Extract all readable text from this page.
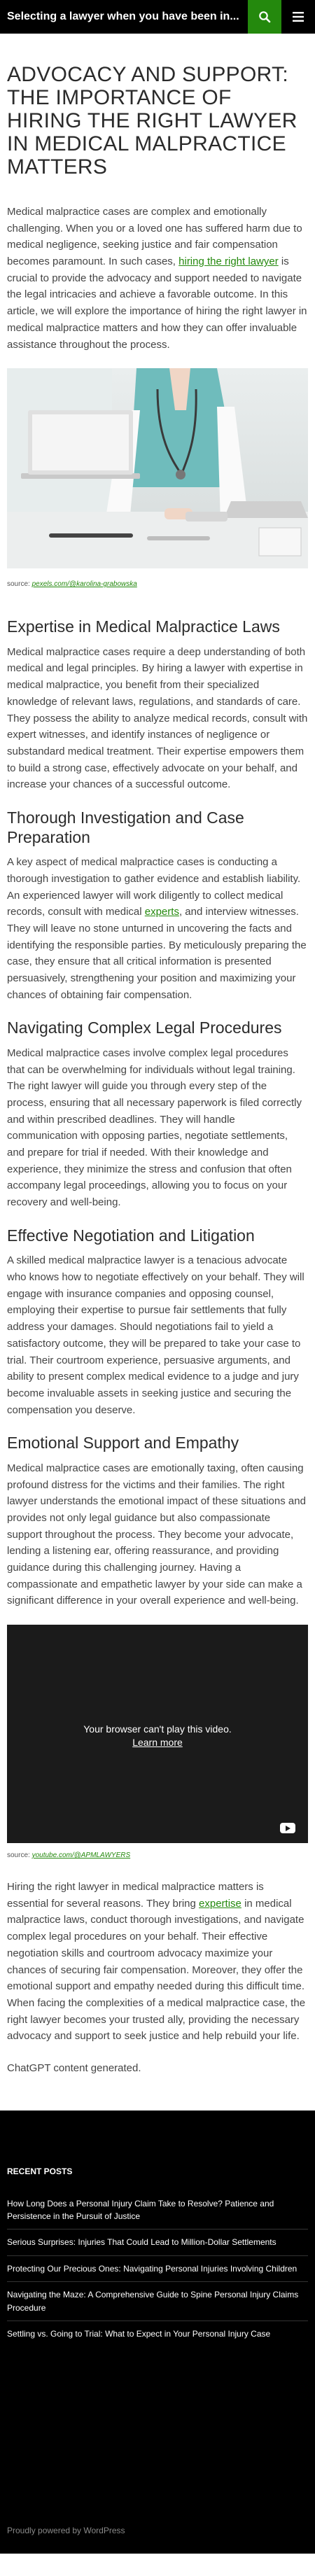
Selecting a lawyer when you have been in...
ADVOCACY AND SUPPORT: THE IMPORTANCE OF HIRING THE RIGHT LAWYER IN MEDICAL MALPRACTICE MATTERS

Medical malpractice cases are complex and emotionally challenging. When you or a loved one has suffered harm due to medical negligence, seeking justice and fair compensation becomes paramount. In such cases, hiring the right lawyer is crucial to provide the advocacy and support needed to navigate the legal intricacies and achieve a favorable outcome. In this article, we will explore the importance of hiring the right lawyer in medical malpractice matters and how they can offer invaluable assistance throughout the process.

source: pexels.com/@karolina-grabowska
Expertise in Medical Malpractice Laws

Medical malpractice cases require a deep understanding of both medical and legal principles. By hiring a lawyer with expertise in medical malpractice, you benefit from their specialized knowledge of relevant laws, regulations, and standards of care. They possess the ability to analyze medical records, consult with expert witnesses, and identify instances of negligence or substandard medical treatment. Their expertise empowers them to build a strong case, effectively advocate on your behalf, and increase your chances of a successful outcome.

Thorough Investigation and Case Preparation

A key aspect of medical malpractice cases is conducting a thorough investigation to gather evidence and establish liability. An experienced lawyer will work diligently to collect medical records, consult with medical experts, and interview witnesses. They will leave no stone unturned in uncovering the facts and identifying the responsible parties. By meticulously preparing the case, they ensure that all critical information is presented persuasively, strengthening your position and maximizing your chances of obtaining fair compensation.

Navigating Complex Legal Procedures

Medical malpractice cases involve complex legal procedures that can be overwhelming for individuals without legal training. The right lawyer will guide you through every step of the process, ensuring that all necessary paperwork is filed correctly and within prescribed deadlines. They will handle communication with opposing parties, negotiate settlements, and prepare for trial if needed. With their knowledge and experience, they minimize the stress and confusion that often accompany legal proceedings, allowing you to focus on your recovery and well-being.

Effective Negotiation and Litigation

A skilled medical malpractice lawyer is a tenacious advocate who knows how to negotiate effectively on your behalf. They will engage with insurance companies and opposing counsel, employing their expertise to pursue fair settlements that fully address your damages. Should negotiations fail to yield a satisfactory outcome, they will be prepared to take your case to trial. Their courtroom experience, persuasive arguments, and ability to present complex medical evidence to a judge and jury become invaluable assets in seeking justice and securing the compensation you deserve.

Emotional Support and Empathy

Medical malpractice cases are emotionally taxing, often causing profound distress for the victims and their families. The right lawyer understands the emotional impact of these situations and provides not only legal guidance but also compassionate support throughout the process. They become your advocate, lending a listening ear, offering reassurance, and providing guidance during this challenging journey. Having a compassionate and empathetic lawyer by your side can make a significant difference in your overall experience and well-being.

Your browser can't play this video.
Learn more
source: youtube.com/@APMLAWYERS

Hiring the right lawyer in medical malpractice matters is essential for several reasons. They bring expertise in medical malpractice laws, conduct thorough investigations, and navigate complex legal procedures on your behalf. Their effective negotiation skills and courtroom advocacy maximize your chances of securing fair compensation. Moreover, they offer the emotional support and empathy needed during this difficult time. When facing the complexities of a medical malpractice case, the right lawyer becomes your trusted ally, providing the necessary advocacy and support to seek justice and help rebuild your life.

ChatGPT content generated.

RECENT POSTS
How Long Does a Personal Injury Claim Take to Resolve? Patience and Persistence in the Pursuit of Justice
Serious Surprises: Injuries That Could Lead to Million-Dollar Settlements
Protecting Our Precious Ones: Navigating Personal Injuries Involving Children
Navigating the Maze: A Comprehensive Guide to Spine Personal Injury Claims Procedure
Settling vs. Going to Trial: What to Expect in Your Personal Injury Case
Proudly powered by WordPress
